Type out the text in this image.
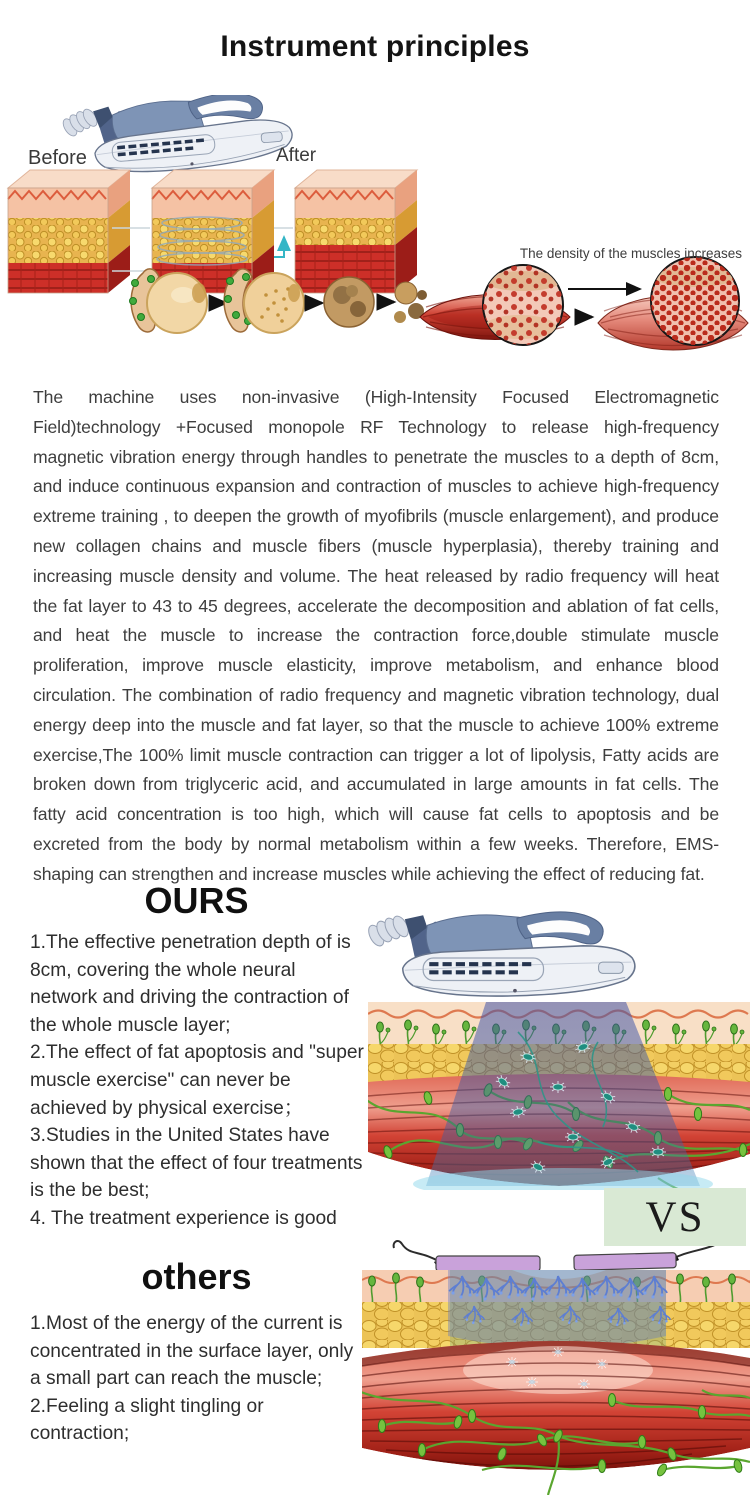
Instrument principles
Before	After
The density of the muscles increases

The machine uses non-invasive (High-Intensity Focused Electromagnetic Field)technology +Focused monopole RF Technology to release high-frequency magnetic vibration energy through handles to penetrate the muscles to a depth of 8cm, and induce continuous expansion and contraction of muscles to achieve high-frequency extreme training , to deepen the growth of myofibrils (muscle enlargement), and produce new collagen chains and muscle fibers (muscle hyperplasia), thereby training and increasing muscle density and volume. The heat released by radio frequency will heat the fat layer to 43 to 45 degrees, accelerate the decomposition and ablation of fat cells, and heat the muscle to increase the contraction force,double stimulate muscle proliferation, improve muscle elasticity, improve metabolism, and enhance blood circulation. The combination of radio frequency and magnetic vibration technology, dual energy deep into the muscle and fat layer, so that the muscle to achieve 100% extreme exercise,The 100% limit muscle contraction can trigger a lot of lipolysis, Fatty acids are broken down from triglyceric acid, and accumulated in large amounts in fat cells. The fatty acid concentration is too high, which will cause fat cells to apoptosis and be excreted from the body by normal metabolism within a few weeks. Therefore, EMS-shaping can strengthen and increase muscles while achieving the effect of reducing fat.

OURS

1.The effective penetration depth of is 8cm, covering the whole neural network and driving the contraction of the whole muscle layer;

2.The effect of fat apoptosis and "super muscle exercise" can never be achieved by physical exercise；

3.Studies in the United States have shown that the effect of four treatments is the be best;

4. The treatment experience is good

others

1.Most of the energy of the current is concentrated in the surface layer, only a small part can reach the muscle;

2.Feeling a slight tingling or contraction;

VS
